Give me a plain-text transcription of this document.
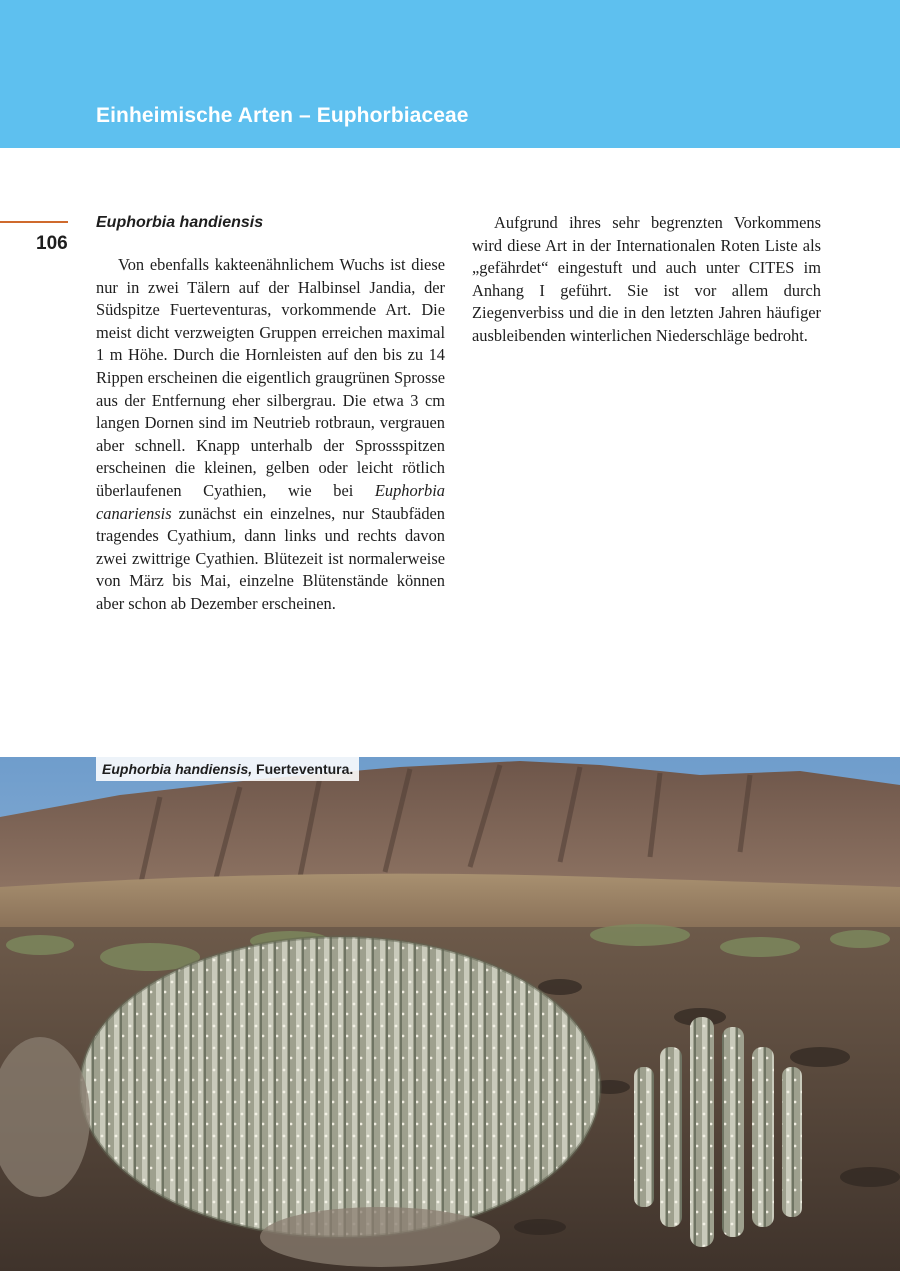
Einheimische Arten – Euphorbiaceae
106
Euphorbia handiensis

Von ebenfalls kakteenähnlichem Wuchs ist diese nur in zwei Tälern auf der Halbinsel Jandia, der Südspitze Fuerteventuras, vorkommende Art. Die meist dicht verzweigten Gruppen erreichen maximal 1 m Höhe. Durch die Hornleisten auf den bis zu 14 Rippen erscheinen die eigentlich graugrünen Sprosse aus der Entfernung eher silbergrau. Die etwa 3 cm langen Dornen sind im Neutrieb rotbraun, vergrauen aber schnell. Knapp unterhalb der Sprossspitzen erscheinen die kleinen, gelben oder leicht rötlich überlaufenen Cyathien, wie bei Euphorbia canariensis zunächst ein einzelnes, nur Staubfäden tragendes Cyathium, dann links und rechts davon zwei zwittrige Cyathien. Blütezeit ist normalerweise von März bis Mai, einzelne Blütenstände können aber schon ab Dezember erscheinen.

Aufgrund ihres sehr begrenzten Vorkommens wird diese Art in der Internationalen Roten Liste als „gefährdet“ eingestuft und auch unter CITES im Anhang I geführt. Sie ist vor allem durch Ziegenverbiss und die in den letzten Jahren häufiger ausbleibenden winterlichen Niederschläge bedroht.

Euphorbia handiensis, Fuerteventura.
